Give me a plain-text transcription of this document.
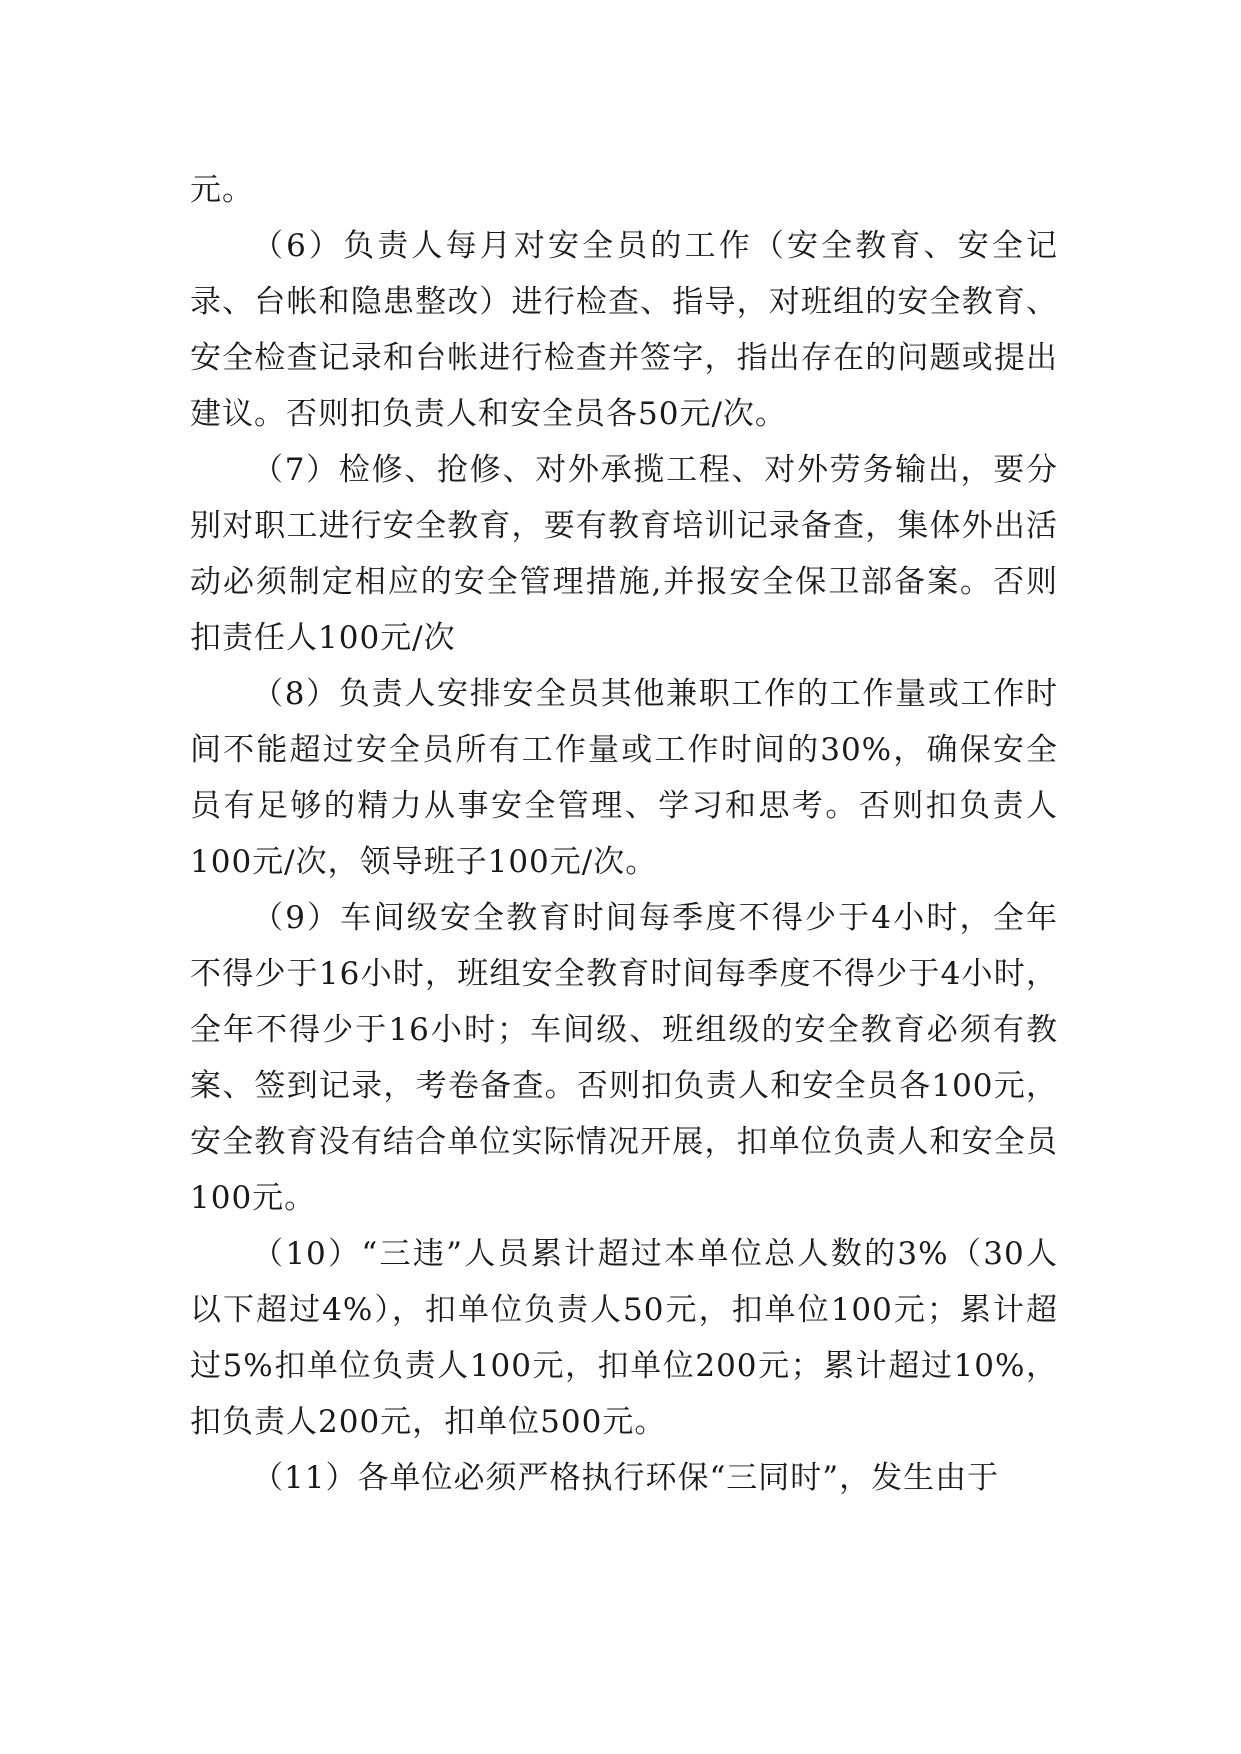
元。

（6）负责人每月对安全员的工作（安全教育、安全记录、台帐和隐患整改）进行检查、指导，对班组的安全教育、安全检查记录和台帐进行检查并签字，指出存在的问题或提出建议。否则扣负责人和安全员各50元/次。

（7）检修、抢修、对外承揽工程、对外劳务输出，要分别对职工进行安全教育，要有教育培训记录备查，集体外出活动必须制定相应的安全管理措施,并报安全保卫部备案。否则扣责任人100元/次

（8）负责人安排安全员其他兼职工作的工作量或工作时间不能超过安全员所有工作量或工作时间的30%，确保安全员有足够的精力从事安全管理、学习和思考。否则扣负责人100元/次，领导班子100元/次。

（9）车间级安全教育时间每季度不得少于4小时，全年不得少于16小时，班组安全教育时间每季度不得少于4小时，全年不得少于16小时；车间级、班组级的安全教育必须有教案、签到记录，考卷备查。否则扣负责人和安全员各100元，安全教育没有结合单位实际情况开展，扣单位负责人和安全员100元。

（10）“三违”人员累计超过本单位总人数的3%（30人以下超过4%），扣单位负责人50元，扣单位100元；累计超过5%扣单位负责人100元，扣单位200元；累计超过10%，扣负责人200元，扣单位500元。

（11）各单位必须严格执行环保“三同时”，发生由于
